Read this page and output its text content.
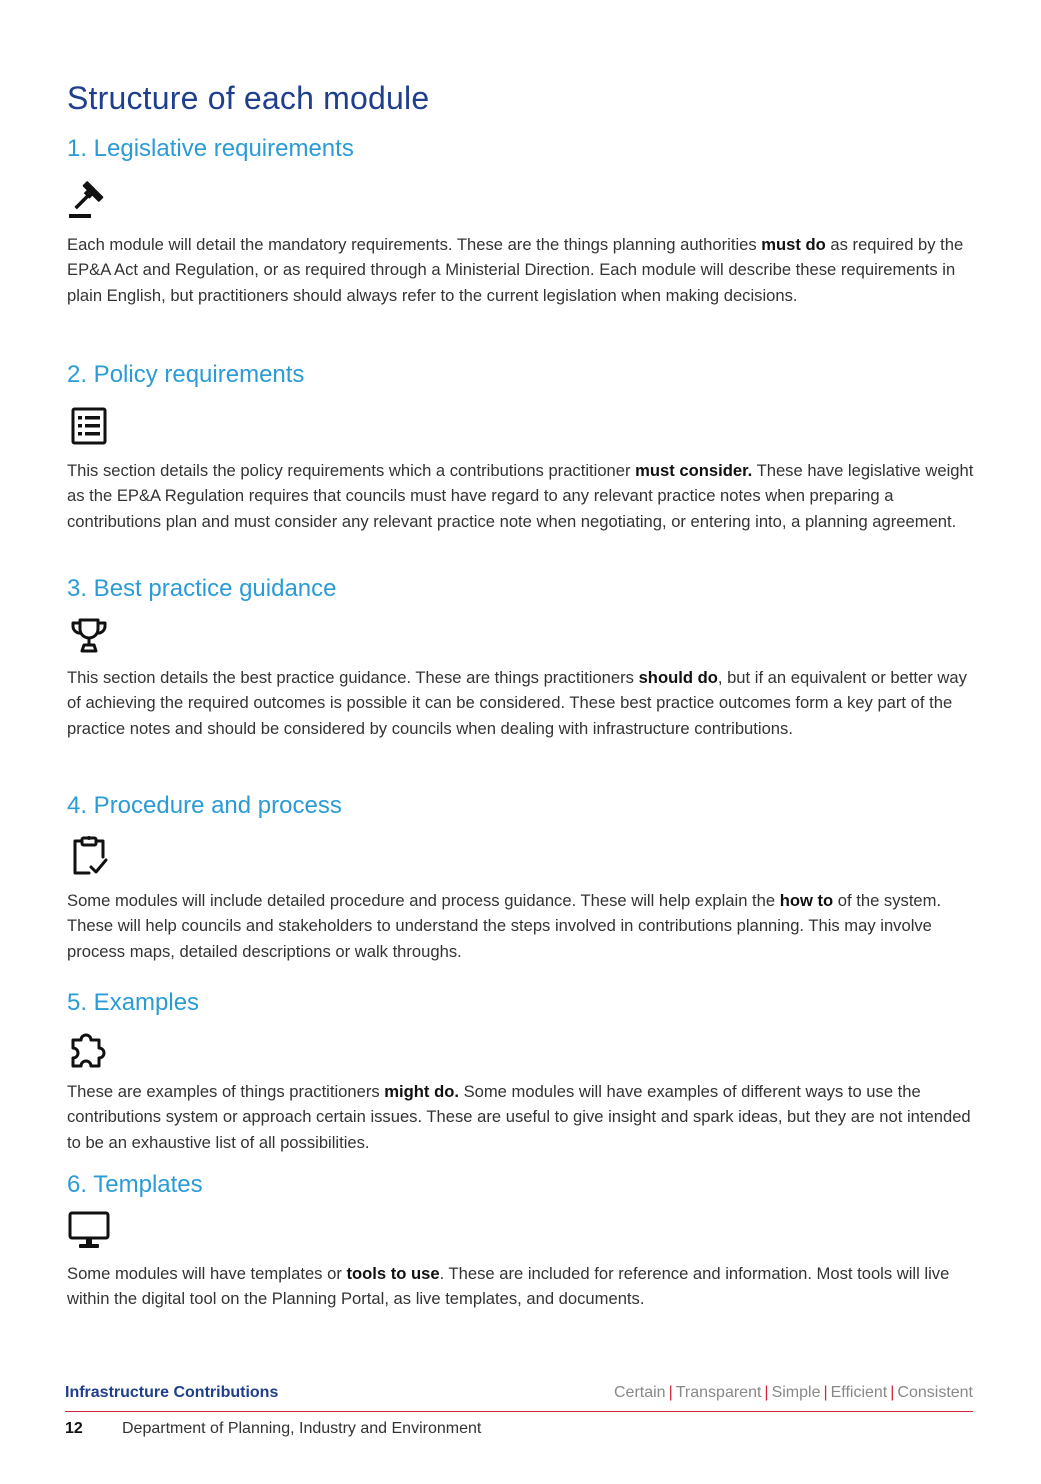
Structure of each module
1. Legislative requirements

Each module will detail the mandatory requirements. These are the things planning authorities must do as required by the EP&A Act and Regulation, or as required through a Ministerial Direction. Each module will describe these requirements in plain English, but practitioners should always refer to the current legislation when making decisions.

2. Policy requirements

This section details the policy requirements which a contributions practitioner must consider. These have legislative weight as the EP&A Regulation requires that councils must have regard to any relevant practice notes when preparing a contributions plan and must consider any relevant practice note when negotiating, or entering into, a planning agreement.

3. Best practice guidance

This section details the best practice guidance. These are things practitioners should do, but if an equivalent or better way of achieving the required outcomes is possible it can be considered. These best practice outcomes form a key part of the practice notes and should be considered by councils when dealing with infrastructure contributions.

4. Procedure and process

Some modules will include detailed procedure and process guidance. These will help explain the how to of the system. These will help councils and stakeholders to understand the steps involved in contributions planning. This may involve process maps, detailed descriptions or walk throughs.

5. Examples

These are examples of things practitioners might do. Some modules will have examples of different ways to use the contributions system or approach certain issues. These are useful to give insight and spark ideas, but they are not intended to be an exhaustive list of all possibilities.

6. Templates

Some modules will have templates or tools to use. These are included for reference and information. Most tools will live within the digital tool on the Planning Portal, as live templates, and documents.

Infrastructure Contributions	Certain | Transparent | Simple | Efficient | Consistent
12 Department of Planning, Industry and Environment
